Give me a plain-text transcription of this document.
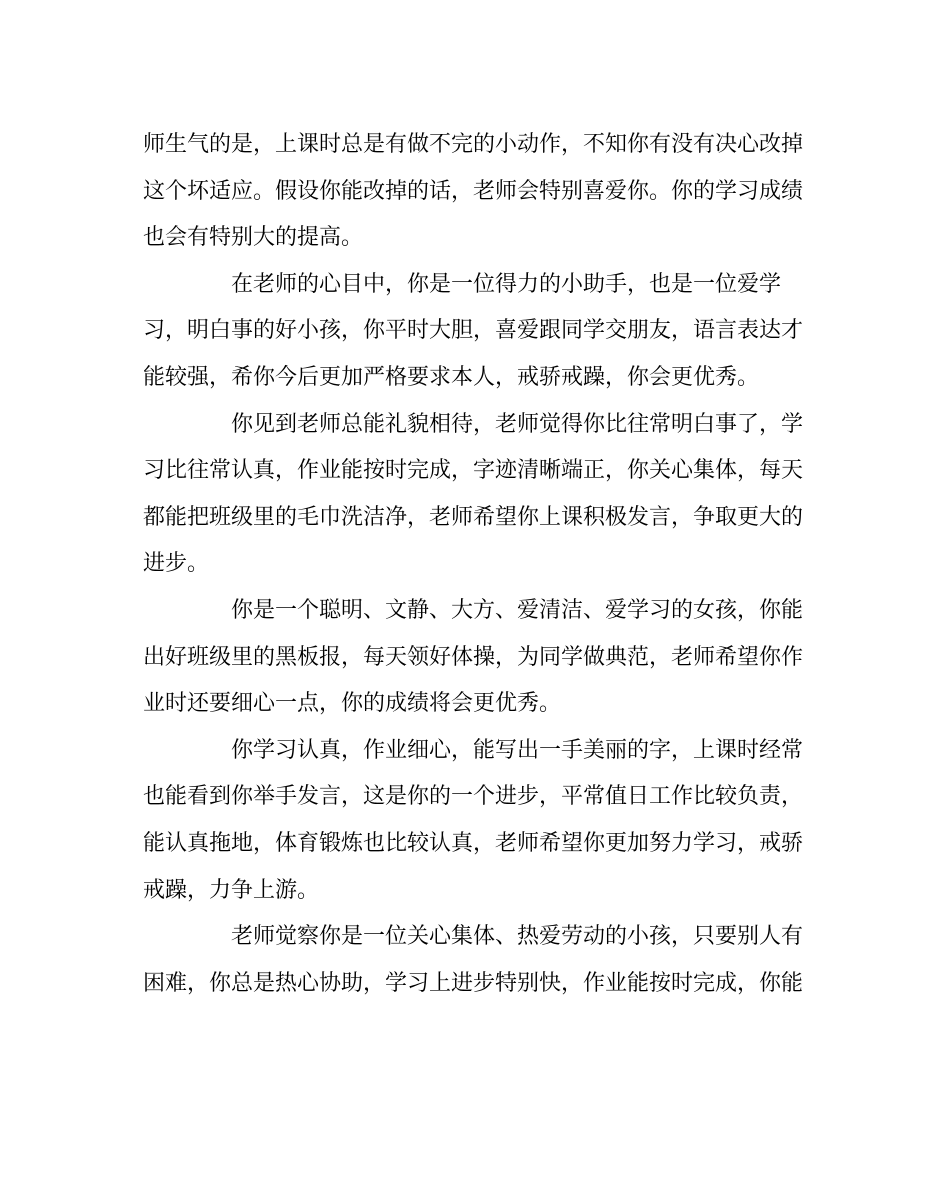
师生气的是，上课时总是有做不完的小动作，不知你有没有决心改掉
这个坏适应。假设你能改掉的话，老师会特别喜爱你。你的学习成绩
也会有特别大的提高。
在老师的心目中，你是一位得力的小助手，也是一位爱学
习，明白事的好小孩，你平时大胆，喜爱跟同学交朋友，语言表达才
能较强，希你今后更加严格要求本人，戒骄戒躁，你会更优秀。
你见到老师总能礼貌相待，老师觉得你比往常明白事了，学
习比往常认真，作业能按时完成，字迹清晰端正，你关心集体，每天
都能把班级里的毛巾洗洁净，老师希望你上课积极发言，争取更大的
进步。
你是一个聪明、文静、大方、爱清洁、爱学习的女孩，你能
出好班级里的黑板报，每天领好体操，为同学做典范，老师希望你作
业时还要细心一点，你的成绩将会更优秀。
你学习认真，作业细心，能写出一手美丽的字，上课时经常
也能看到你举手发言，这是你的一个进步，平常值日工作比较负责，
能认真拖地，体育锻炼也比较认真，老师希望你更加努力学习，戒骄
戒躁，力争上游。
老师觉察你是一位关心集体、热爱劳动的小孩，只要别人有
困难，你总是热心协助，学习上进步特别快，作业能按时完成，你能
